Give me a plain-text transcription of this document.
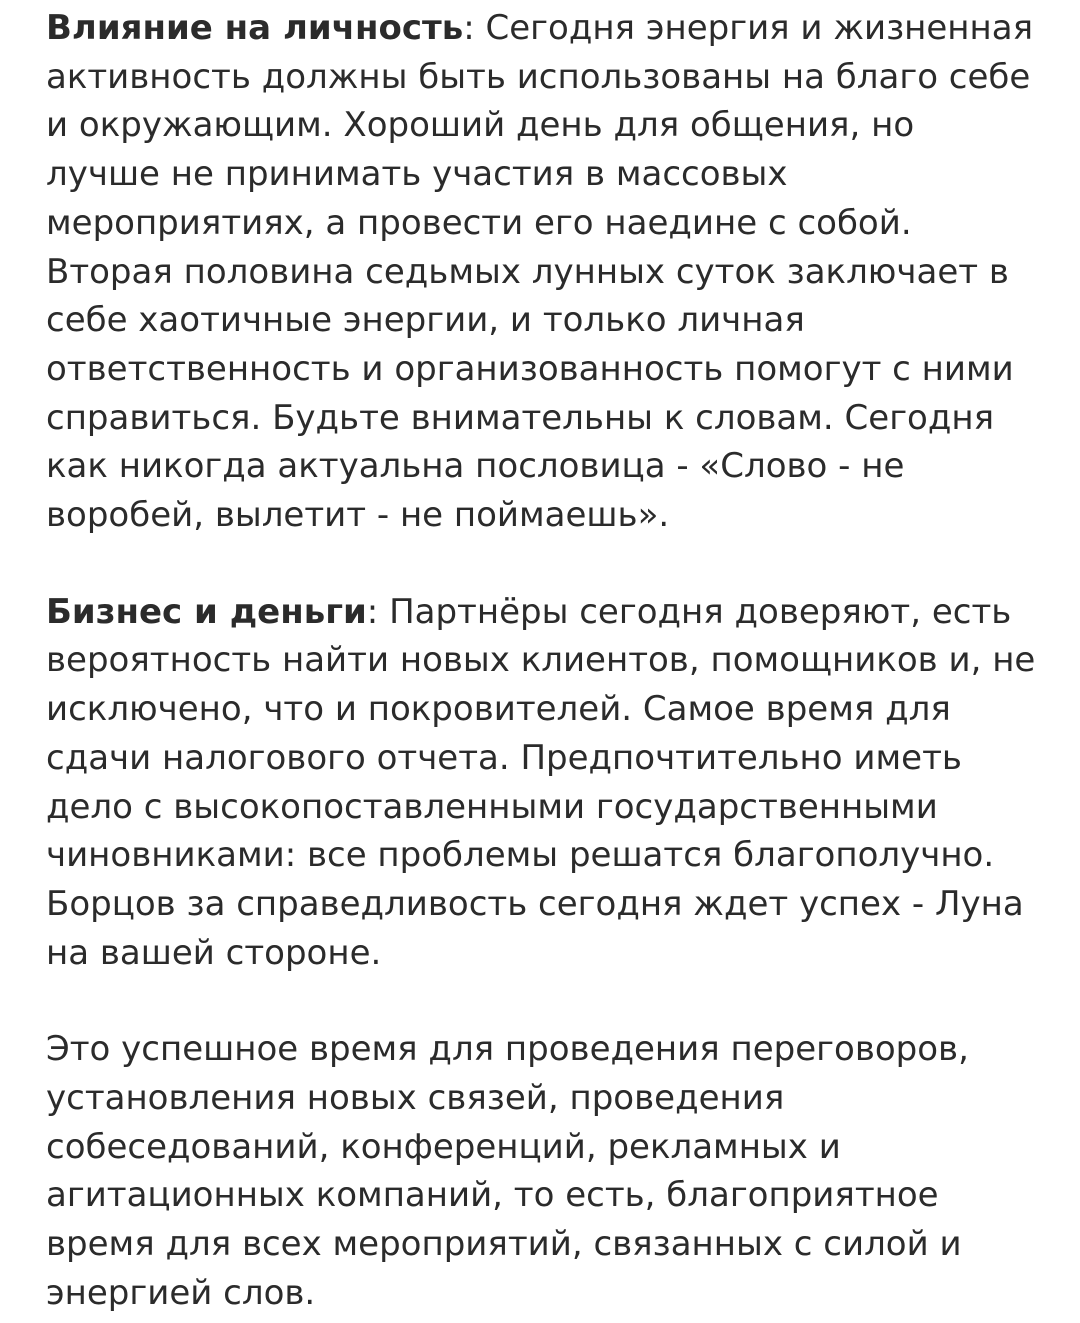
Влияние на личность: Сегодня энергия и жизненная активность должны быть использованы на благо себе и окружающим. Хороший день для общения, но лучше не принимать участия в массовых мероприятиях, а провести его наедине с собой. Вторая половина седьмых лунных суток заключает в себе хаотичные энергии, и только личная ответственность и организованность помогут с ними справиться. Будьте внимательны к словам. Сегодня как никогда актуальна пословица - «Слово - не воробей, вылетит - не поймаешь».

Бизнес и деньги: Партнёры сегодня доверяют, есть вероятность найти новых клиентов, помощников и, не исключено, что и покровителей. Самое время для сдачи налогового отчета. Предпочтительно иметь дело с высокопоставленными государственными чиновниками: все проблемы решатся благополучно. Борцов за справедливость сегодня ждет успех - Луна на вашей стороне.

Это успешное время для проведения переговоров, установления новых связей, проведения собеседований, конференций, рекламных и агитационных компаний, то есть, благоприятное время для всех мероприятий, связанных с силой и энергией слов.
